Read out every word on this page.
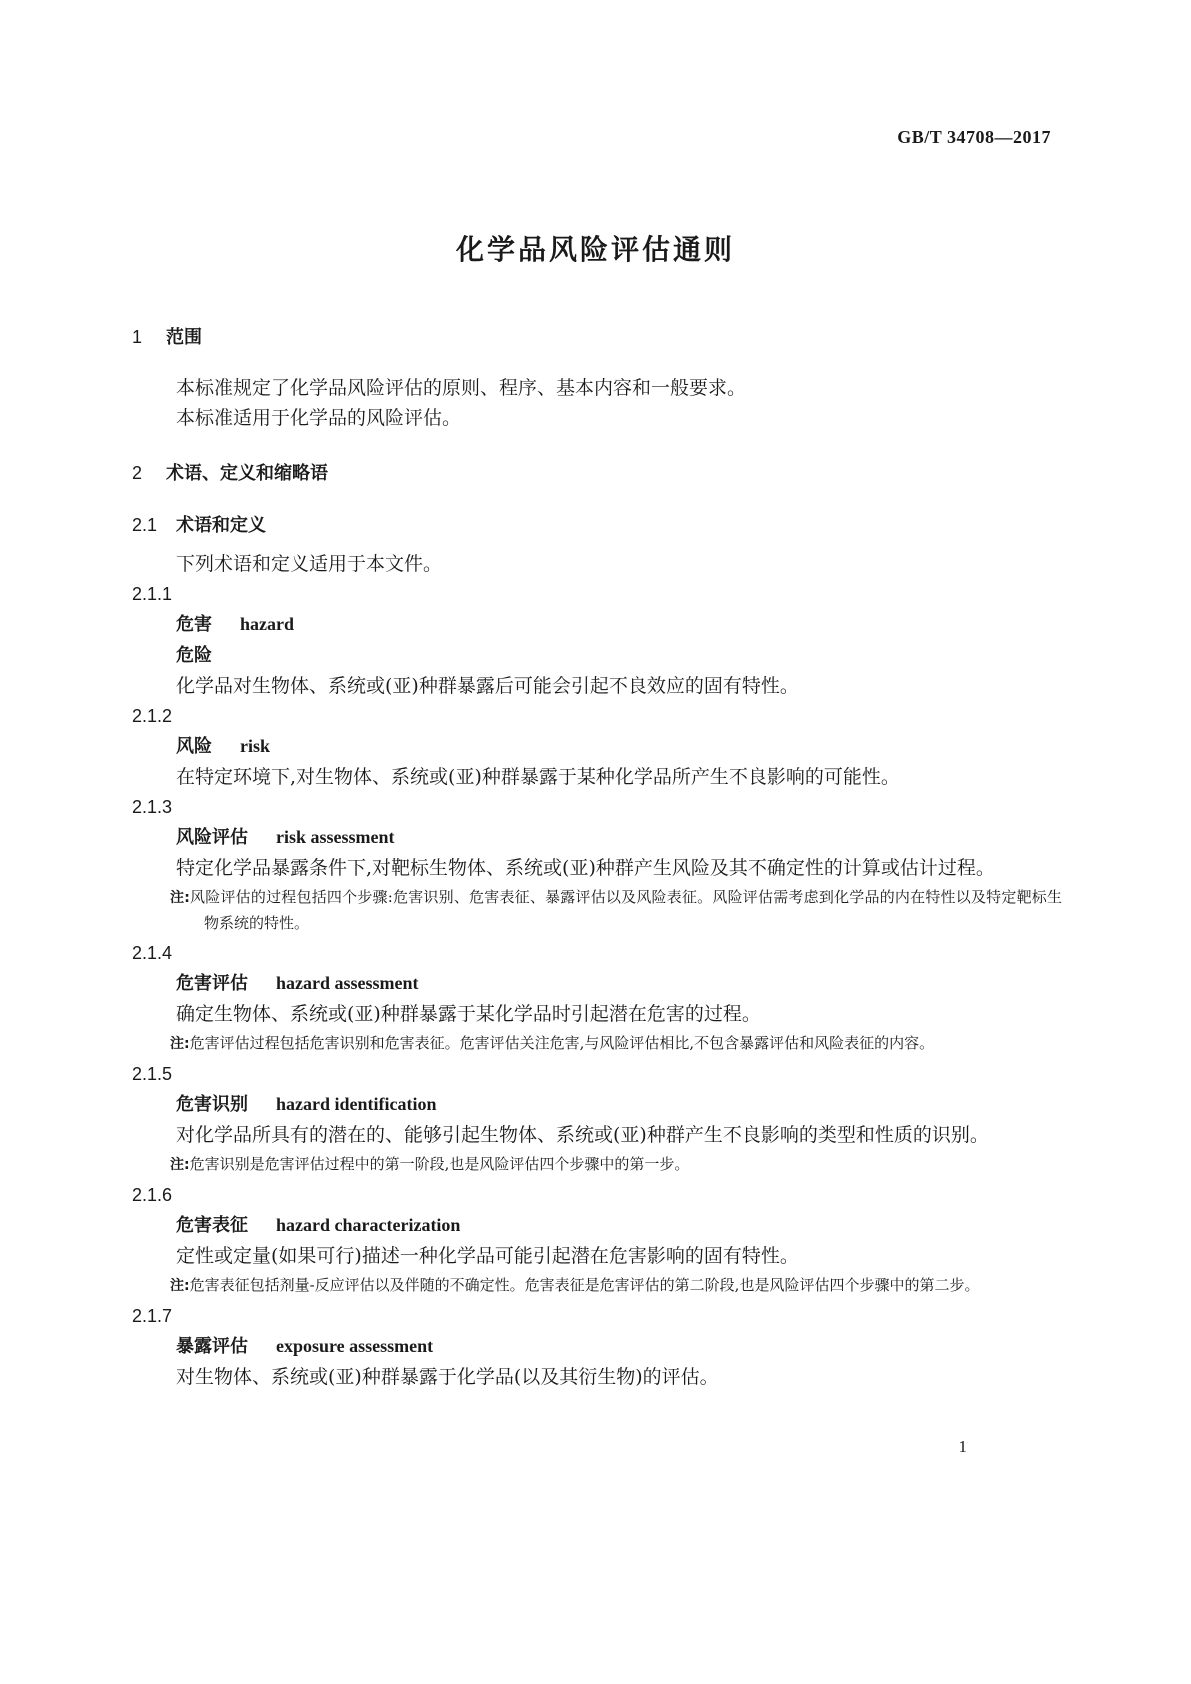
GB/T 34708—2017
化学品风险评估通则
1 范围

本标准规定了化学品风险评估的原则、程序、基本内容和一般要求。

本标准适用于化学品的风险评估。

2 术语、定义和缩略语
2.1 术语和定义

下列术语和定义适用于本文件。

2.1.1
危害 hazard
危险

化学品对生物体、系统或(亚)种群暴露后可能会引起不良效应的固有特性。

2.1.2
风险 risk

在特定环境下,对生物体、系统或(亚)种群暴露于某种化学品所产生不良影响的可能性。

2.1.3
风险评估 risk assessment

特定化学品暴露条件下,对靶标生物体、系统或(亚)种群产生风险及其不确定性的计算或估计过程。

注:风险评估的过程包括四个步骤:危害识别、危害表征、暴露评估以及风险表征。风险评估需考虑到化学品的内在特性以及特定靶标生物系统的特性。

2.1.4
危害评估 hazard assessment

确定生物体、系统或(亚)种群暴露于某化学品时引起潜在危害的过程。

注:危害评估过程包括危害识别和危害表征。危害评估关注危害,与风险评估相比,不包含暴露评估和风险表征的内容。

2.1.5
危害识别 hazard identification

对化学品所具有的潜在的、能够引起生物体、系统或(亚)种群产生不良影响的类型和性质的识别。

注:危害识别是危害评估过程中的第一阶段,也是风险评估四个步骤中的第一步。

2.1.6
危害表征 hazard characterization

定性或定量(如果可行)描述一种化学品可能引起潜在危害影响的固有特性。

注:危害表征包括剂量-反应评估以及伴随的不确定性。危害表征是危害评估的第二阶段,也是风险评估四个步骤中的第二步。

2.1.7
暴露评估 exposure assessment

对生物体、系统或(亚)种群暴露于化学品(以及其衍生物)的评估。

1
